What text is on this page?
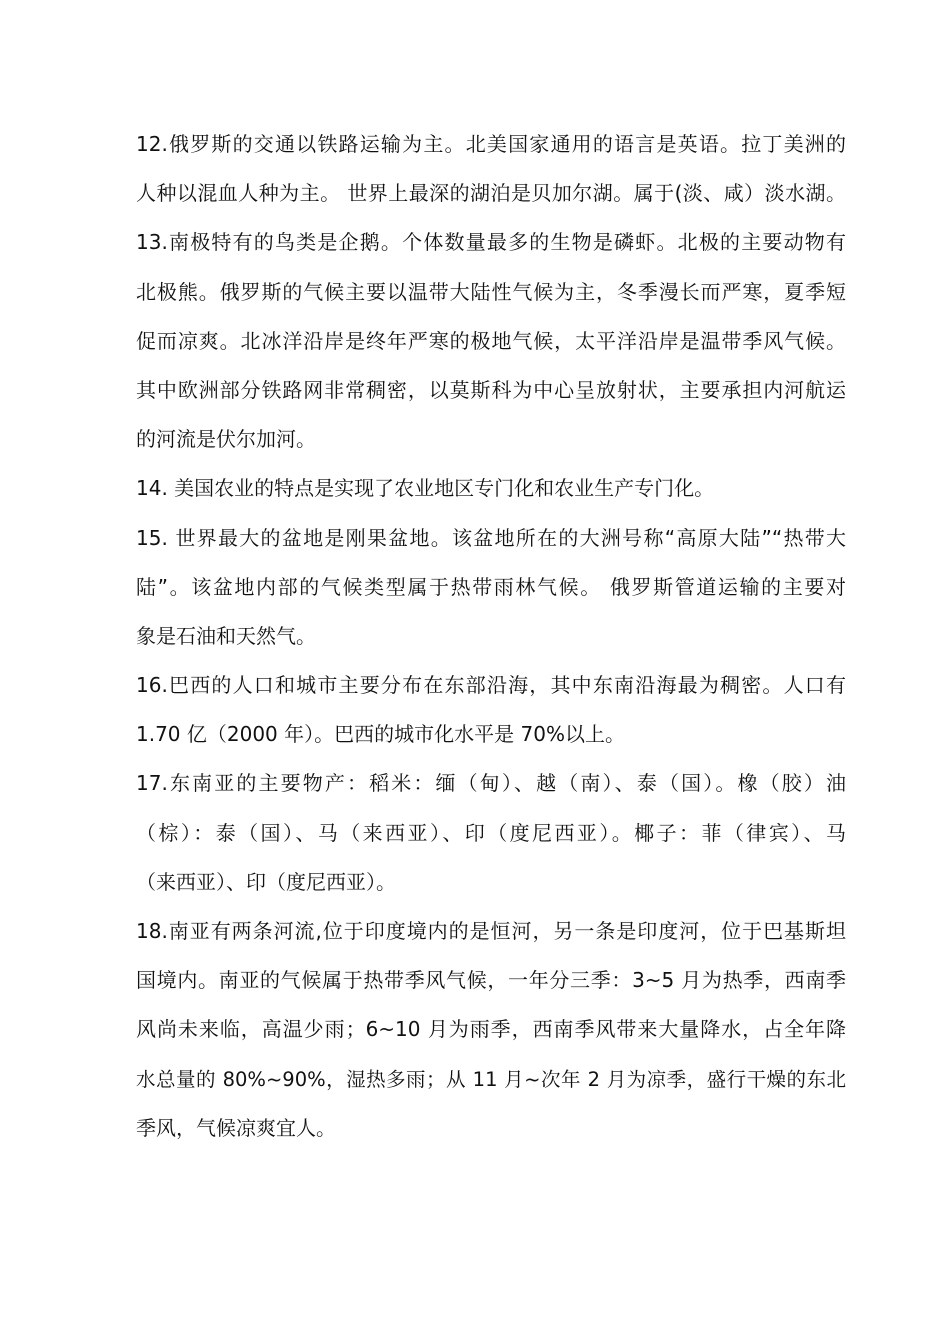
12.俄罗斯的交通以铁路运输为主。北美国家通用的语言是英语。拉丁美洲的
人种以混血人种为主。 世界上最深的湖泊是贝加尔湖。属于(淡、咸）淡水湖。
13.南极特有的鸟类是企鹅。个体数量最多的生物是磷虾。北极的主要动物有
北极熊。俄罗斯的气候主要以温带大陆性气候为主，冬季漫长而严寒，夏季短
促而凉爽。北冰洋沿岸是终年严寒的极地气候，太平洋沿岸是温带季风气候。
其中欧洲部分铁路网非常稠密，以莫斯科为中心呈放射状，主要承担内河航运
的河流是伏尔加河。
14. 美国农业的特点是实现了农业地区专门化和农业生产专门化。
15. 世界最大的盆地是刚果盆地。该盆地所在的大洲号称“高原大陆”“热带大
陆”。该盆地内部的气候类型属于热带雨林气候。 俄罗斯管道运输的主要对
象是石油和天然气。
16.巴西的人口和城市主要分布在东部沿海，其中东南沿海最为稠密。人口有
1.70 亿（2000 年）。巴西的城市化水平是 70%以上。
17.东南亚的主要物产：稻米：缅（甸）、越（南）、泰（国）。橡（胶）油
（棕）：泰（国）、马（来西亚）、印（度尼西亚）。椰子：菲（律宾）、马
（来西亚）、印（度尼西亚）。
18.南亚有两条河流,位于印度境内的是恒河，另一条是印度河，位于巴基斯坦
国境内。南亚的气候属于热带季风气候，一年分三季：3~5 月为热季，西南季
风尚未来临，高温少雨；6~10 月为雨季，西南季风带来大量降水，占全年降
水总量的 80%~90%，湿热多雨；从 11 月~次年 2 月为凉季，盛行干燥的东北
季风，气候凉爽宜人。
